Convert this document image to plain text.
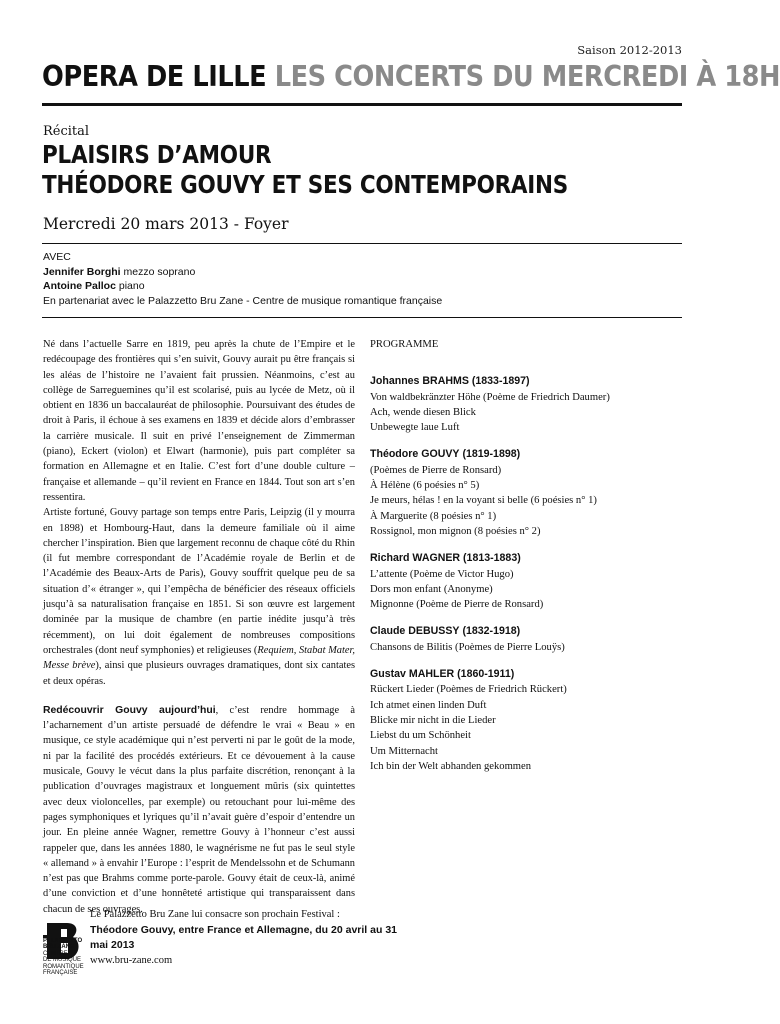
Saison 2012-2013
OPERA DE LILLE LES CONCERTS DU MERCREDI À 18H
Récital
PLAISIRS D’AMOUR
THÉODORE GOUVY ET SES CONTEMPORAINS
Mercredi 20 mars 2013 - Foyer
AVEC
Jennifer Borghi mezzo soprano
Antoine Palloc piano
En partenariat avec le Palazzetto Bru Zane - Centre de musique romantique française

Né dans l’actuelle Sarre en 1819, peu après la chute de l’Empire et le redécoupage des frontières qui s’en suivit, Gouvy aurait pu être français si les aléas de l’histoire ne l’avaient fait prussien. Néanmoins, c’est au collège de Sarreguemines qu’il est scolarisé, puis au lycée de Metz, où il obtient en 1836 un baccalauréat de philosophie. Poursuivant des études de droit à Paris, il échoue à ses examens en 1839 et décide alors d’embrasser la carrière musicale. Il suit en privé l’enseignement de Zimmerman (piano), Eckert (violon) et Elwart (harmonie), puis part compléter sa formation en Allemagne et en Italie. C’est fort d’une double culture – française et allemande – qu’il revient en France en 1844. Tout son art s’en ressentira.

Artiste fortuné, Gouvy partage son temps entre Paris, Leipzig (il y mourra en 1898) et Hombourg-Haut, dans la demeure familiale où il aime chercher l’inspiration. Bien que largement reconnu de chaque côté du Rhin (il fut membre correspondant de l’Académie royale de Berlin et de l’Académie des Beaux-Arts de Paris), Gouvy souffrit quelque peu de sa situation d’« étranger », qui l’empêcha de bénéficier des réseaux officiels jusqu’à sa naturalisation française en 1851. Si son œuvre est largement dominée par la musique de chambre (en partie inédite jusqu’à très récemment), on lui doit également de nombreuses compositions orchestrales (dont neuf symphonies) et religieuses (Requiem, Stabat Mater, Messe brève), ainsi que plusieurs ouvrages dramatiques, dont six cantates et deux opéras.

Redécouvrir Gouvy aujourd’hui, c’est rendre hommage à l’acharnement d’un artiste persuadé de défendre le vrai « Beau » en musique, ce style académique qui n’est perverti ni par le goût de la mode, ni par la facilité des procédés extérieurs. Et ce dévouement à la cause musicale, Gouvy le vécut dans la plus parfaite discrétion, renonçant à la publication d’ouvrages magistraux et longuement mûris (six quintettes avec deux violoncelles, par exemple) ou retouchant pour lui-même des pages symphoniques et lyriques qu’il n’avait guère d’espoir d’entendre un jour. En pleine année Wagner, remettre Gouvy à l’honneur c’est aussi rappeler que, dans les années 1880, le wagnérisme ne fut pas le seul style « allemand » à envahir l’Europe : l’esprit de Mendelssohn et de Schumann n’est pas que Brahms comme porte-parole. Gouvy était de ceux-là, animé d’une conviction et d’une honnêteté artistique qui transparaissent dans chacun de ses ouvrages.

PROGRAMME
Johannes BRAHMS (1833-1897)
Von waldbekränzter Höhe (Poème de Friedrich Daumer)
Ach, wende diesen Blick
Unbewegte laue Luft
Théodore GOUVY (1819-1898)
(Poèmes de Pierre de Ronsard)
À Hélène (6 poésies n° 5)
Je meurs, hélas ! en la voyant si belle (6 poésies n° 1)
À Marguerite (8 poésies n° 1)
Rossignol, mon mignon (8 poésies n° 2)
Richard WAGNER (1813-1883)
L’attente (Poème de Victor Hugo)
Dors mon enfant (Anonyme)
Mignonne (Poème de Pierre de Ronsard)
Claude DEBUSSY (1832-1918)
Chansons de Bilitis (Poèmes de Pierre Louÿs)
Gustav MAHLER (1860-1911)
Rückert Lieder (Poèmes de Friedrich Rückert)
Ich atmet einen linden Duft
Blicke mir nicht in die Lieder
Liebst du um Schönheit
Um Mitternacht
Ich bin der Welt abhanden gekommen
PALAZZETTO
BRU ZANE
CENTRE
DE MUSIQUE
ROMANTIQUE
FRANÇAISE
Le Palazzetto Bru Zane lui consacre son prochain Festival :
Théodore Gouvy, entre France et Allemagne, du 20 avril au 31 mai 2013
www.bru-zane.com
